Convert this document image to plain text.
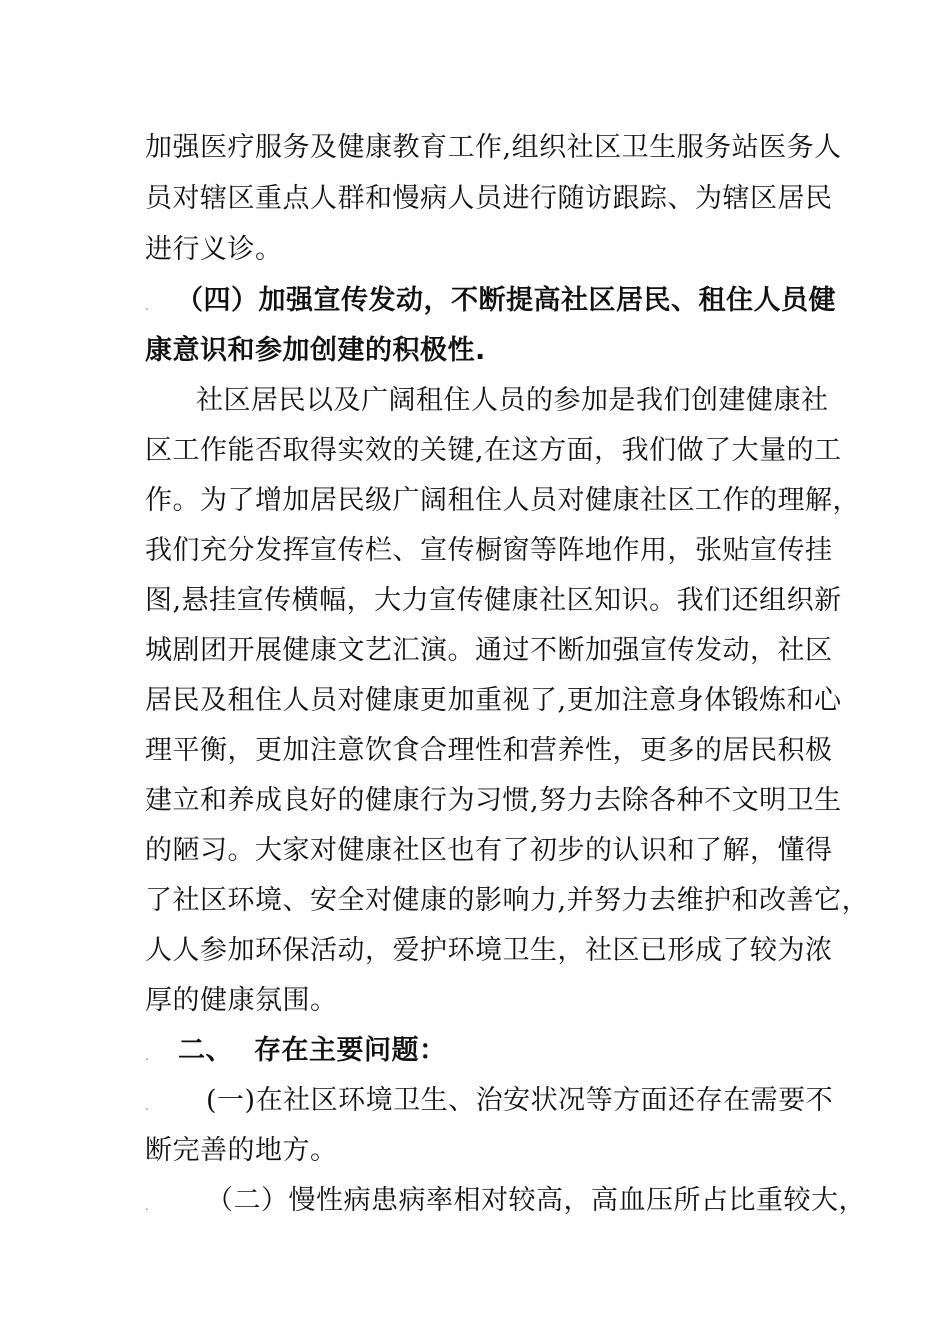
加强医疗服务及健康教育工作,组织社区卫生服务站医务人
员对辖区重点人群和慢病人员进行随访跟踪、为辖区居民
进行义诊。
. （四）加强宣传发动，不断提高社区居民、租住人员健
康意识和参加创建的积极性.
社区居民以及广阔租住人员的参加是我们创建健康社
区工作能否取得实效的关键,在这方面，我们做了大量的工
作。为了增加居民级广阔租住人员对健康社区工作的理解，
我们充分发挥宣传栏、宣传橱窗等阵地作用，张贴宣传挂
图,悬挂宣传横幅，大力宣传健康社区知识。我们还组织新
城剧团开展健康文艺汇演。通过不断加强宣传发动，社区
居民及租住人员对健康更加重视了,更加注意身体锻炼和心
理平衡，更加注意饮食合理性和营养性，更多的居民积极
建立和养成良好的健康行为习惯,努力去除各种不文明卫生
的陋习。大家对健康社区也有了初步的认识和了解，懂得
了社区环境、安全对健康的影响力,并努力去维护和改善它，
人人参加环保活动，爱护环境卫生，社区已形成了较为浓
厚的健康氛围。
. 二、 存在主要问题：
. (一)在社区环境卫生、治安状况等方面还存在需要不
断完善的地方。
. （二）慢性病患病率相对较高，高血压所占比重较大，
